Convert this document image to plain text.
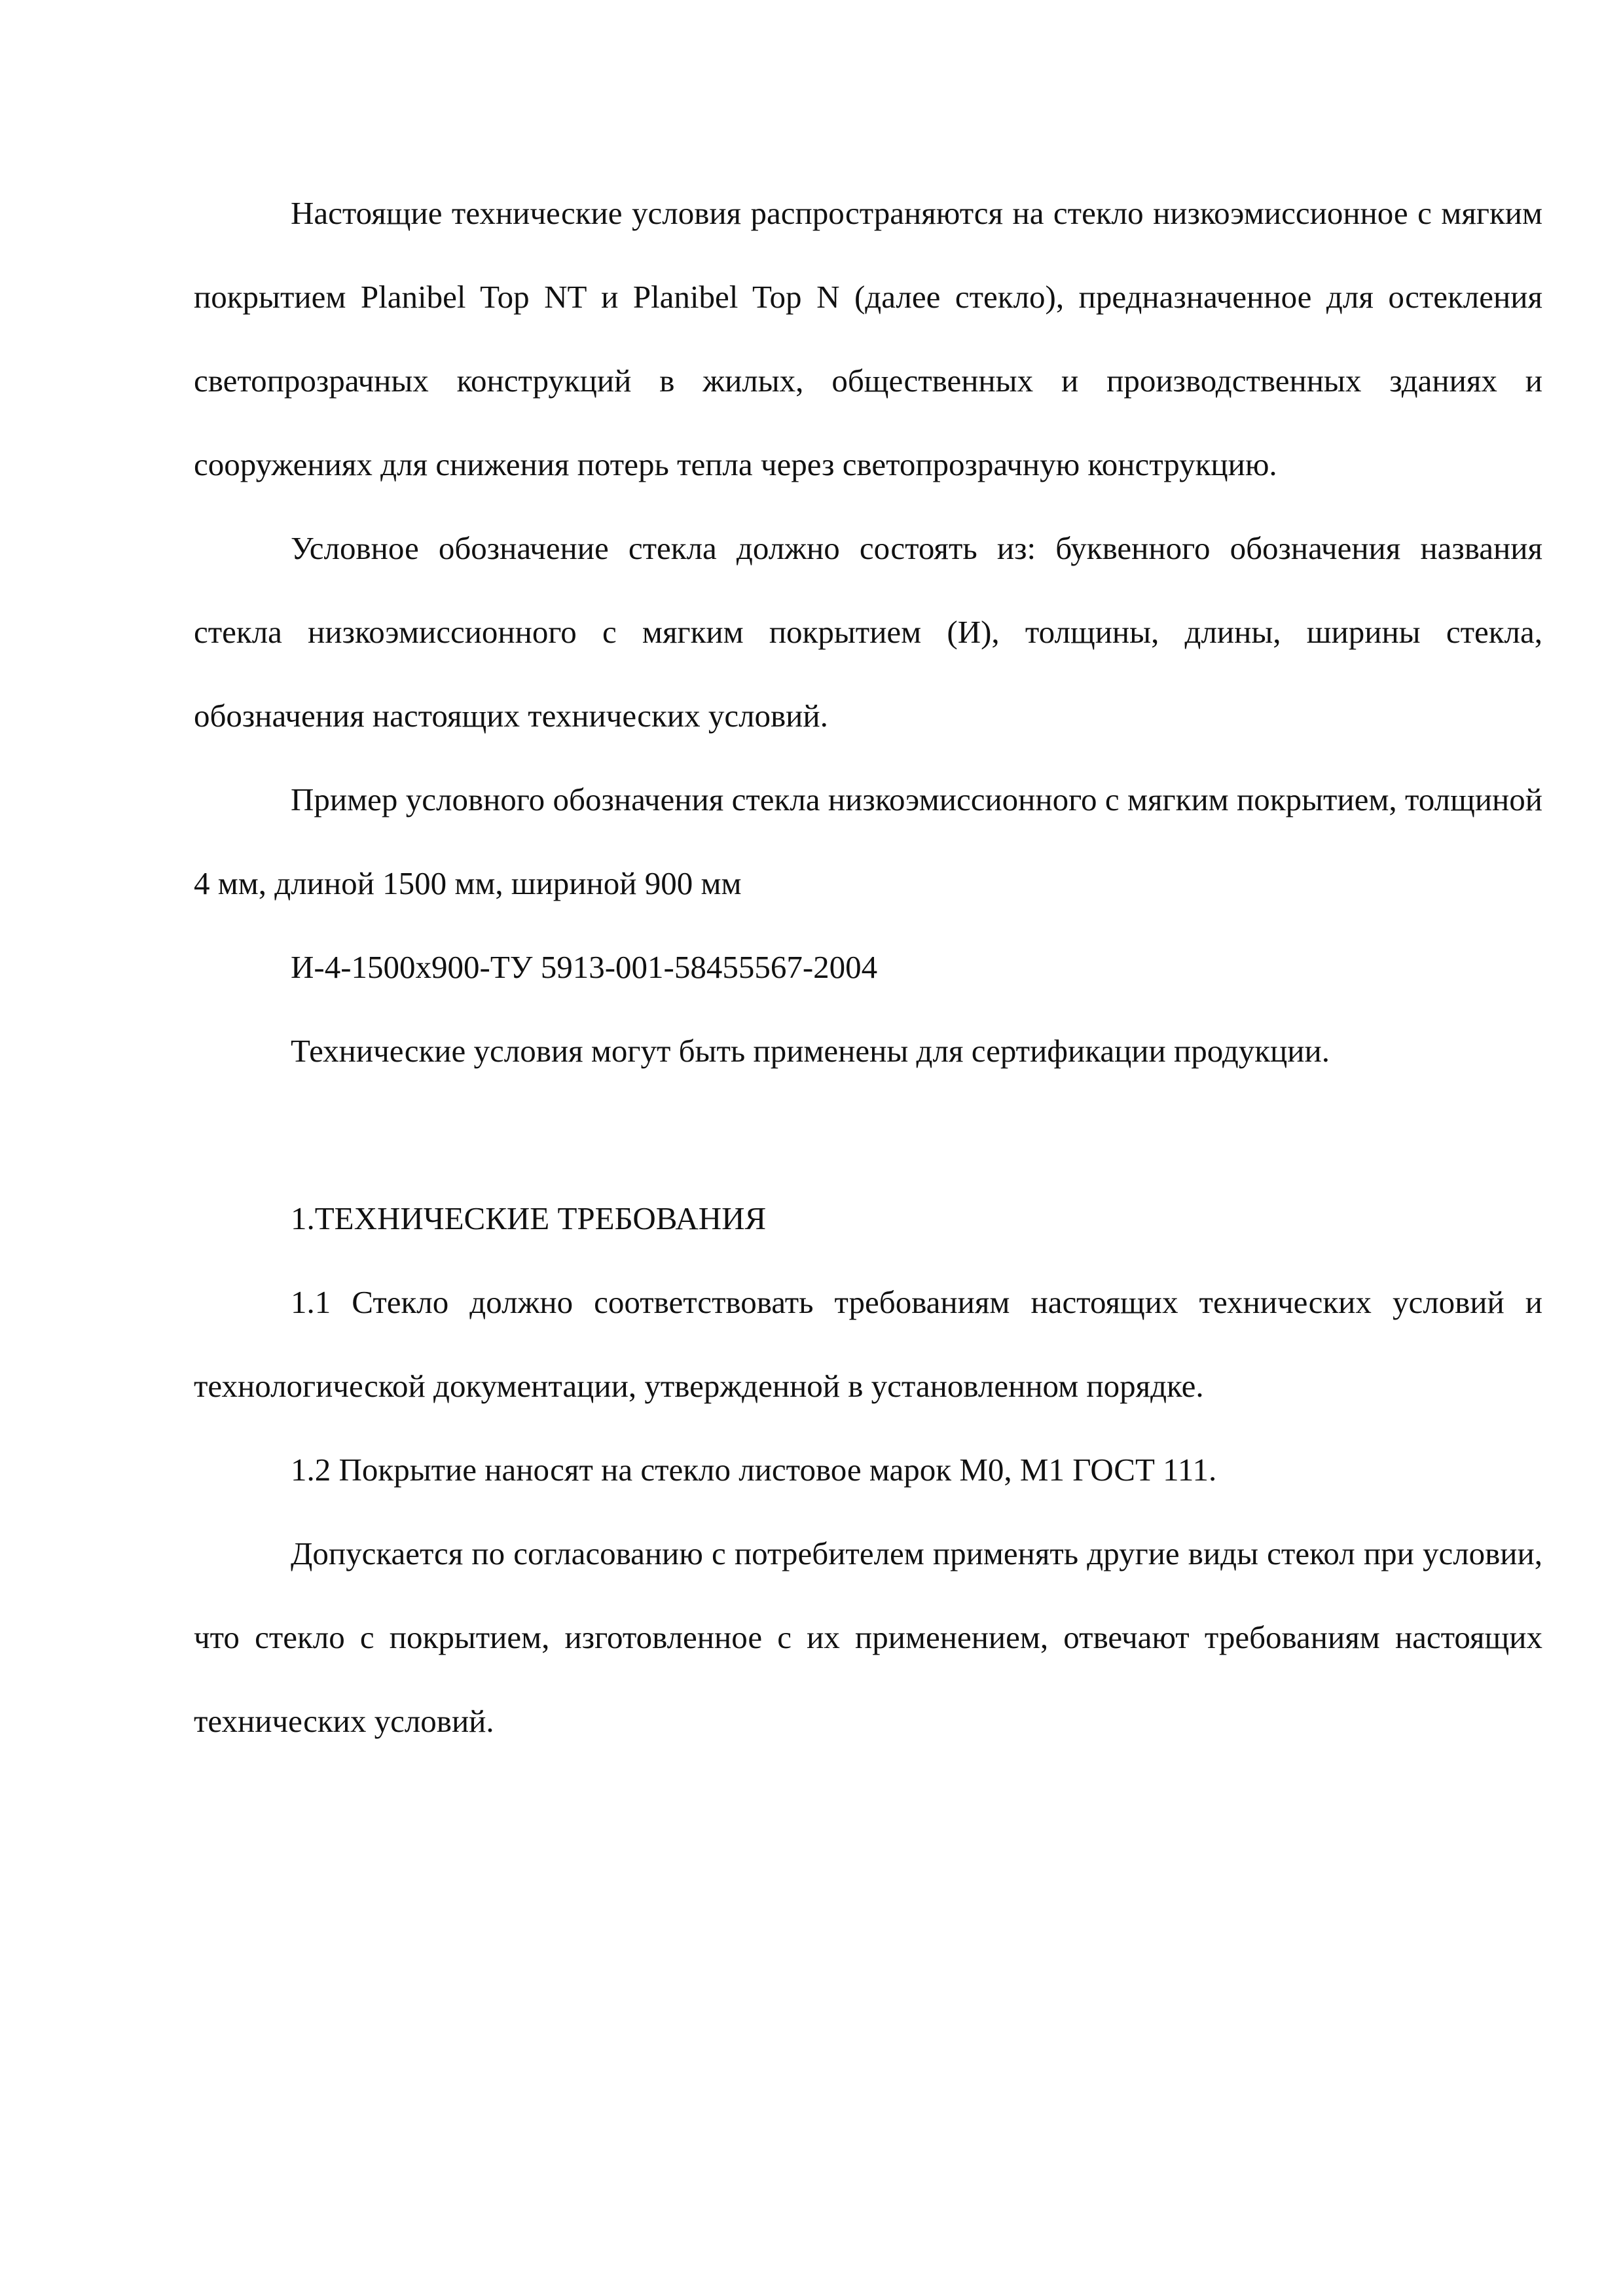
Настоящие технические условия распространяются на стекло низкоэмиссионное с мягким покрытием Planibel Top NT и Planibel Top N (далее стекло), предназначенное для остекления светопрозрачных конструкций в жилых, общественных и производственных зданиях и сооружениях для снижения потерь тепла через светопрозрачную конструкцию.

Условное обозначение стекла должно состоять из: буквенного обозначения названия стекла низкоэмиссионного с мягким покрытием (И), толщины, длины, ширины стекла, обозначения настоящих технических условий.

Пример условного обозначения стекла низкоэмиссионного с мягким покрытием, толщиной 4 мм, длиной 1500 мм, шириной 900 мм

И-4-1500х900-ТУ 5913-001-58455567-2004

Технические условия могут быть применены для сертификации продукции.

1.ТЕХНИЧЕСКИЕ ТРЕБОВАНИЯ

1.1 Стекло должно соответствовать требованиям настоящих технических условий и технологической документации, утвержденной в установленном порядке.

1.2 Покрытие наносят на стекло листовое марок М0, М1 ГОСТ 111.

Допускается по согласованию с потребителем применять другие виды стекол при условии, что стекло с покрытием, изготовленное с их применением, отвечают требованиям настоящих технических условий.
